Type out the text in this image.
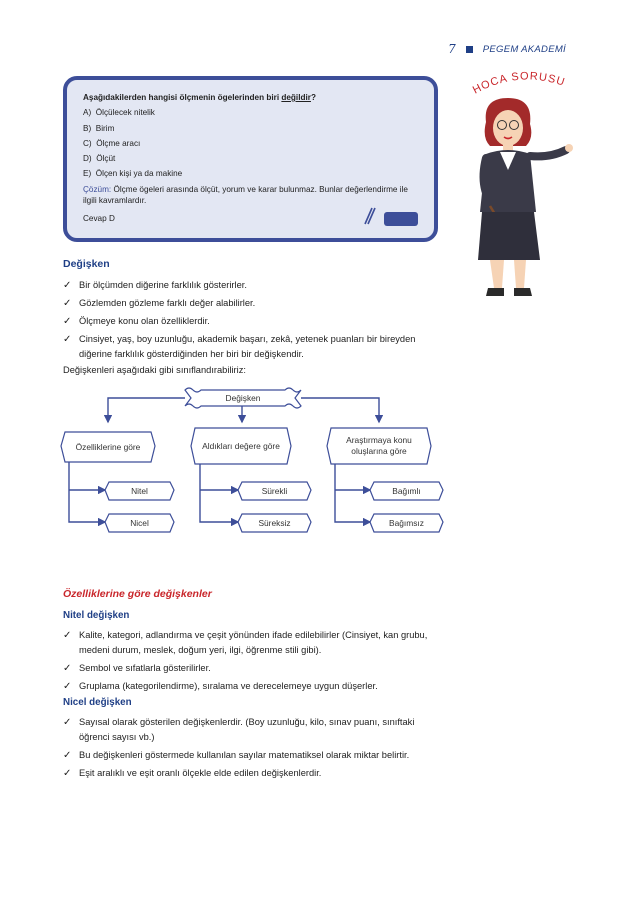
7	PEGEM AKADEMİ
Aşağıdakilerden hangisi ölçmenin ögelerinden biri değildir?
A) Ölçülecek nitelik
B) Birim
C) Ölçme aracı
D) Ölçüt
E) Ölçen kişi ya da makine
Çözüm: Ölçme ögeleri arasında ölçüt, yorum ve karar bulunmaz. Bunlar değerlendirme ile ilgili kavramlardır.
Cevap D
HOCA SORUSU
Değişken
✓ Bir ölçümden diğerine farklılık gösterirler.
✓ Gözlemden gözleme farklı değer alabilirler.
✓ Ölçmeye konu olan özelliklerdir.
✓ Cinsiyet, yaş, boy uzunluğu, akademik başarı, zekâ, yetenek puanları bir bireyden diğerine farklılık gösterdiğinden her biri bir değişkendir.
Değişkenleri aşağıdaki gibi sınıflandırabiliriz:
Değişken
Özelliklerine göre	Aldıkları değere göre
Araştırmaya konu oluşlarına göre
Nitel
Nicel
Sürekli
Süreksiz
Bağımlı
Bağımsız
Özelliklerine göre değişkenler
Nitel değişken
✓ Kalite, kategori, adlandırma ve çeşit yönünden ifade edilebilirler (Cinsiyet, kan grubu, medeni durum, meslek, doğum yeri, ilgi, öğrenme stili gibi).
✓ Sembol ve sıfatlarla gösterilirler.
✓ Gruplama (kategorilendirme), sıralama ve derecelemeye uygun düşerler.
Nicel değişken
✓ Sayısal olarak gösterilen değişkenlerdir. (Boy uzunluğu, kilo, sınav puanı, sınıftaki öğrenci sayısı vb.)
✓ Bu değişkenleri göstermede kullanılan sayılar matematiksel olarak miktar belirtir.
✓ Eşit aralıklı ve eşit oranlı ölçekle elde edilen değişkenlerdir.
